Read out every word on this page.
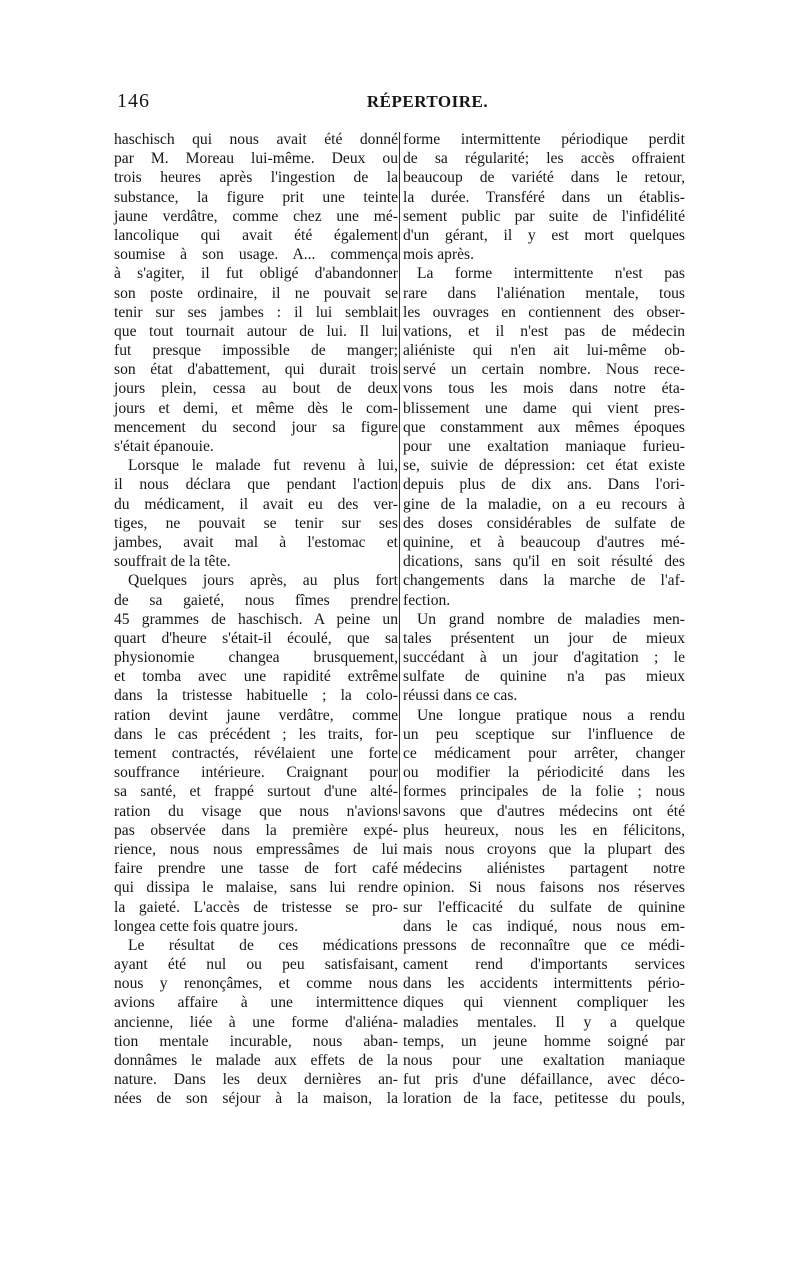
146	RÉPERTOIRE.
haschisch qui nous avait été donné
par M. Moreau lui-même. Deux ou
trois heures après l'ingestion de la
substance, la figure prit une teinte
jaune verdâtre, comme chez une mé-
lancolique qui avait été également
soumise à son usage. A... commença
à s'agiter, il fut obligé d'abandonner
son poste ordinaire, il ne pouvait se
tenir sur ses jambes : il lui semblait
que tout tournait autour de lui. Il lui
fut presque impossible de manger;
son état d'abattement, qui durait trois
jours plein, cessa au bout de deux
jours et demi, et même dès le com-
mencement du second jour sa figure
s'était épanouie.
Lorsque le malade fut revenu à lui,
il nous déclara que pendant l'action
du médicament, il avait eu des ver-
tiges, ne pouvait se tenir sur ses
jambes, avait mal à l'estomac et
souffrait de la tête.
Quelques jours après, au plus fort
de sa gaieté, nous fîmes prendre
45 grammes de haschisch. A peine un
quart d'heure s'était-il écoulé, que sa
physionomie changea brusquement,
et tomba avec une rapidité extrême
dans la tristesse habituelle ; la colo-
ration devint jaune verdâtre, comme
dans le cas précédent ; les traits, for-
tement contractés, révélaient une forte
souffrance intérieure. Craignant pour
sa santé, et frappé surtout d'une alté-
ration du visage que nous n'avions
pas observée dans la première expé-
rience, nous nous empressâmes de lui
faire prendre une tasse de fort café
qui dissipa le malaise, sans lui rendre
la gaieté. L'accès de tristesse se pro-
longea cette fois quatre jours.
Le résultat de ces médications
ayant été nul ou peu satisfaisant,
nous y renonçâmes, et comme nous
avions affaire à une intermittence
ancienne, liée à une forme d'aliéna-
tion mentale incurable, nous aban-
donnâmes le malade aux effets de la
nature. Dans les deux dernières an-
nées de son séjour à la maison, la
forme intermittente périodique perdit
de sa régularité; les accès offraient
beaucoup de variété dans le retour,
la durée. Transféré dans un établis-
sement public par suite de l'infidélité
d'un gérant, il y est mort quelques
mois après.
La forme intermittente n'est pas
rare dans l'aliénation mentale, tous
les ouvrages en contiennent des obser-
vations, et il n'est pas de médecin
aliéniste qui n'en ait lui-même ob-
servé un certain nombre. Nous rece-
vons tous les mois dans notre éta-
blissement une dame qui vient pres-
que constamment aux mêmes époques
pour une exaltation maniaque furieu-
se, suivie de dépression: cet état existe
depuis plus de dix ans. Dans l'ori-
gine de la maladie, on a eu recours à
des doses considérables de sulfate de
quinine, et à beaucoup d'autres mé-
dications, sans qu'il en soit résulté des
changements dans la marche de l'af-
fection.
Un grand nombre de maladies men-
tales présentent un jour de mieux
succédant à un jour d'agitation ; le
sulfate de quinine n'a pas mieux
réussi dans ce cas.
Une longue pratique nous a rendu
un peu sceptique sur l'influence de
ce médicament pour arrêter, changer
ou modifier la périodicité dans les
formes principales de la folie ; nous
savons que d'autres médecins ont été
plus heureux, nous les en félicitons,
mais nous croyons que la plupart des
médecins aliénistes partagent notre
opinion. Si nous faisons nos réserves
sur l'efficacité du sulfate de quinine
dans le cas indiqué, nous nous em-
pressons de reconnaître que ce médi-
cament rend d'importants services
dans les accidents intermittents pério-
diques qui viennent compliquer les
maladies mentales. Il y a quelque
temps, un jeune homme soigné par
nous pour une exaltation maniaque
fut pris d'une défaillance, avec déco-
loration de la face, petitesse du pouls,
